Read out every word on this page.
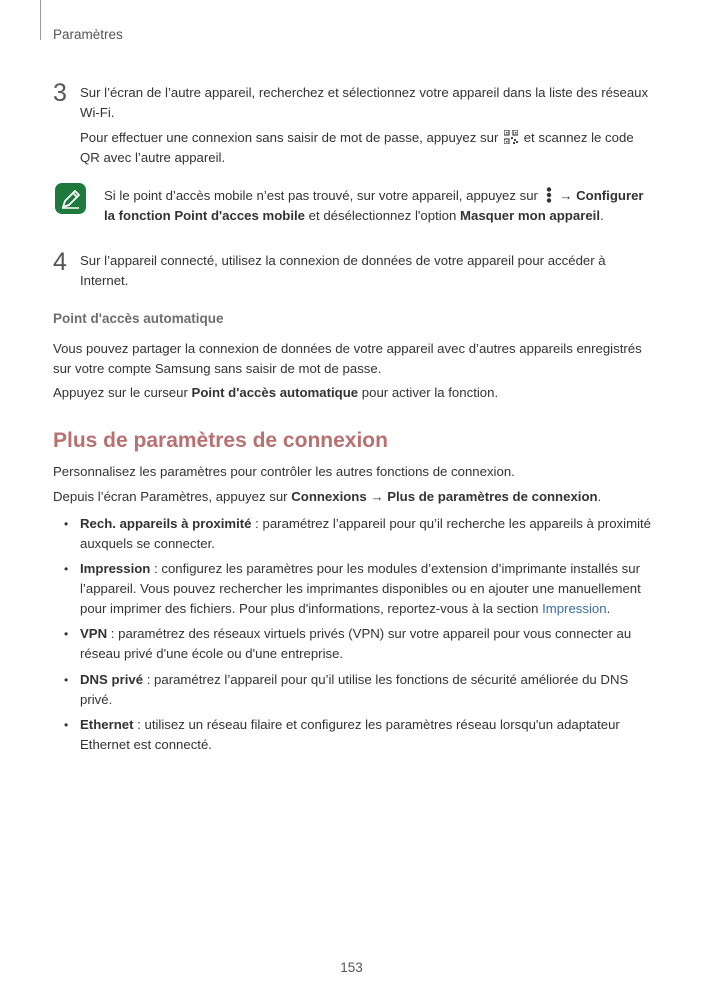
Paramètres
3 Sur l’écran de l’autre appareil, recherchez et sélectionnez votre appareil dans la liste des réseaux Wi-Fi.
Pour effectuer une connexion sans saisir de mot de passe, appuyez sur et scannez le code QR avec l’autre appareil.
Si le point d’accès mobile n’est pas trouvé, sur votre appareil, appuyez sur → Configurer la fonction Point d'acces mobile et désélectionnez l'option Masquer mon appareil.
4 Sur l’appareil connecté, utilisez la connexion de données de votre appareil pour accéder à Internet.
Point d'accès automatique
Vous pouvez partager la connexion de données de votre appareil avec d’autres appareils enregistrés sur votre compte Samsung sans saisir de mot de passe.
Appuyez sur le curseur Point d'accès automatique pour activer la fonction.
Plus de paramètres de connexion
Personnalisez les paramètres pour contrôler les autres fonctions de connexion.
Depuis l’écran Paramètres, appuyez sur Connexions → Plus de paramètres de connexion.
• Rech. appareils à proximité : paramétrez l’appareil pour qu’il recherche les appareils à proximité auxquels se connecter.
• Impression : configurez les paramètres pour les modules d’extension d’imprimante installés sur l’appareil. Vous pouvez rechercher les imprimantes disponibles ou en ajouter une manuellement pour imprimer des fichiers. Pour plus d'informations, reportez-vous à la section Impression.
• VPN : paramétrez des réseaux virtuels privés (VPN) sur votre appareil pour vous connecter au réseau privé d'une école ou d'une entreprise.
• DNS privé : paramétrez l’appareil pour qu’il utilise les fonctions de sécurité améliorée du DNS privé.
• Ethernet : utilisez un réseau filaire et configurez les paramètres réseau lorsqu'un adaptateur Ethernet est connecté.
153
